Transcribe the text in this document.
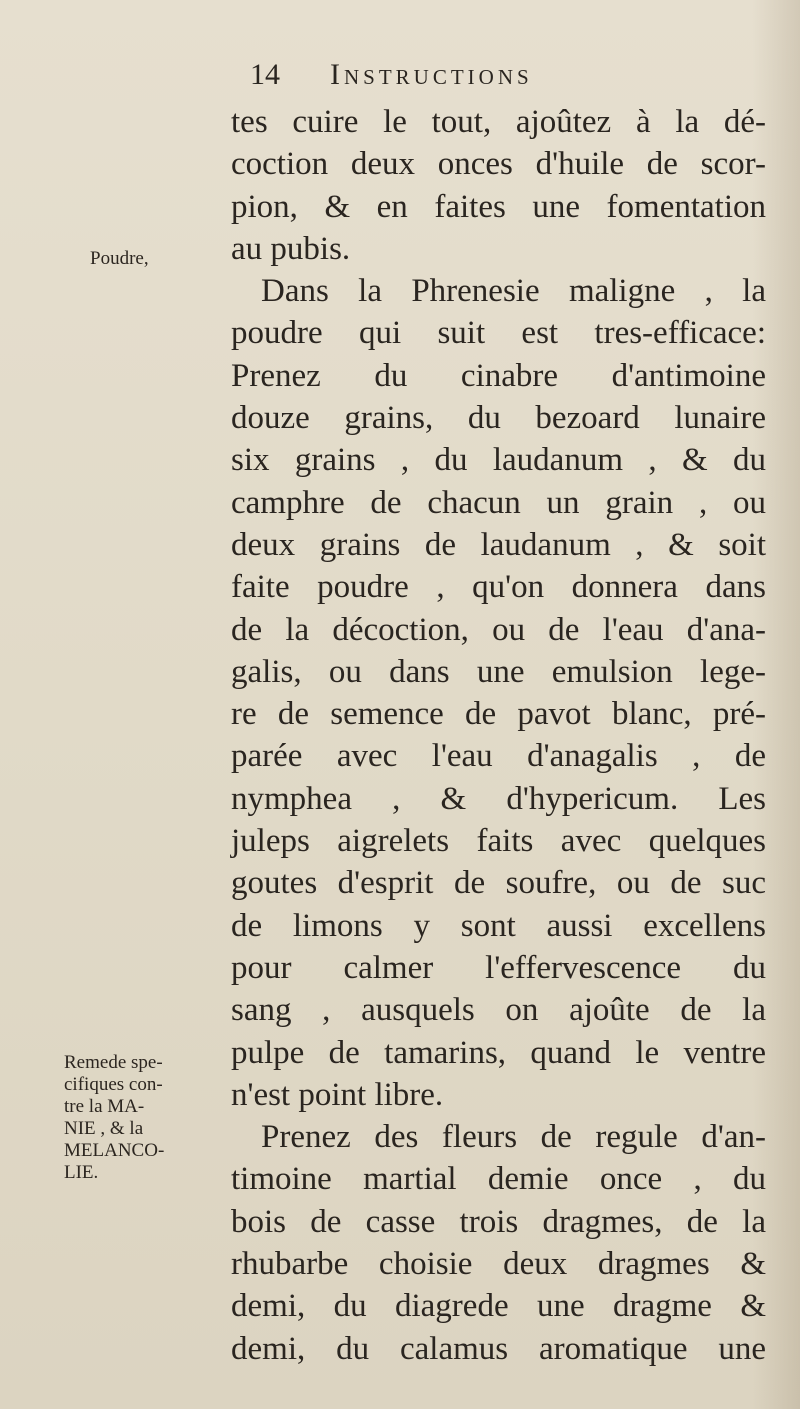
14 Instructions
Poudre,
Remede spe-
cifiques con-
tre la MA-
NIE , & la
MELANCO-
LIE.
tes cuire le tout, ajoûtez à la dé-
coction deux onces d'huile de scor-
pion, & en faites une fomentation
au pubis.
Dans la Phrenesie maligne , la
poudre qui suit est tres-efficace:
Prenez du cinabre d'antimoine
douze grains, du bezoard lunaire
six grains , du laudanum , & du
camphre de chacun un grain , ou
deux grains de laudanum , & soit
faite poudre , qu'on donnera dans
de la décoction, ou de l'eau d'ana-
galis, ou dans une emulsion lege-
re de semence de pavot blanc, pré-
parée avec l'eau d'anagalis , de
nymphea , & d'hypericum. Les
juleps aigrelets faits avec quelques
goutes d'esprit de soufre, ou de suc
de limons y sont aussi excellens
pour calmer l'effervescence du
sang , ausquels on ajoûte de la
pulpe de tamarins, quand le ventre
n'est point libre.
Prenez des fleurs de regule d'an-
timoine martial demie once , du
bois de casse trois dragmes, de la
rhubarbe choisie deux dragmes &
demi, du diagrede une dragme &
demi, du calamus aromatique une
